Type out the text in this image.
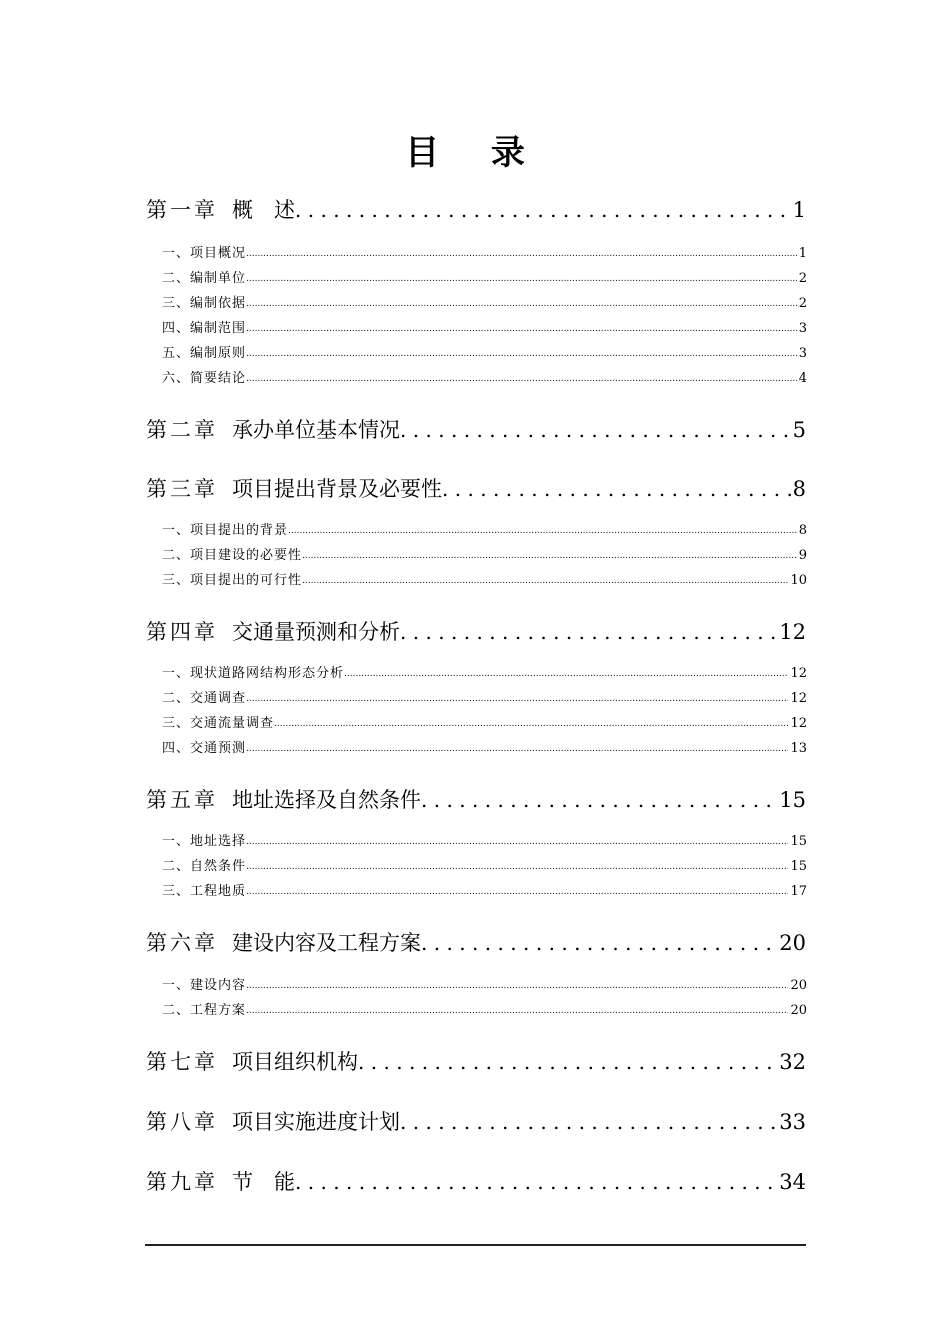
目 录
第一章 概　述 .....	1
一、项目概况 .....	1
二、编制单位 .....	2
三、编制依据 .....	2
四、编制范围 .....	3
五、编制原则 .....	3
六、简要结论 .....	4
第二章 承办单位基本情况 .....	5
第三章 项目提出背景及必要性 .....	8
一、项目提出的背景 .....	8
二、项目建设的必要性 .....	9
三、项目提出的可行性 .....	10
第四章 交通量预测和分析 .....	12
一、现状道路网结构形态分析 .....	12
二、交通调查 .....	12
三、交通流量调查 .....	12
四、交通预测 .....	13
第五章 地址选择及自然条件 .....	15
一、地址选择 .....	15
二、自然条件 .....	15
三、工程地质 .....	17
第六章 建设内容及工程方案 .....	20
一、建设内容 .....	20
二、工程方案 .....	20
第七章 项目组织机构 .....	32
第八章 项目实施进度计划 .....	33
第九章 节　能 .....	34
